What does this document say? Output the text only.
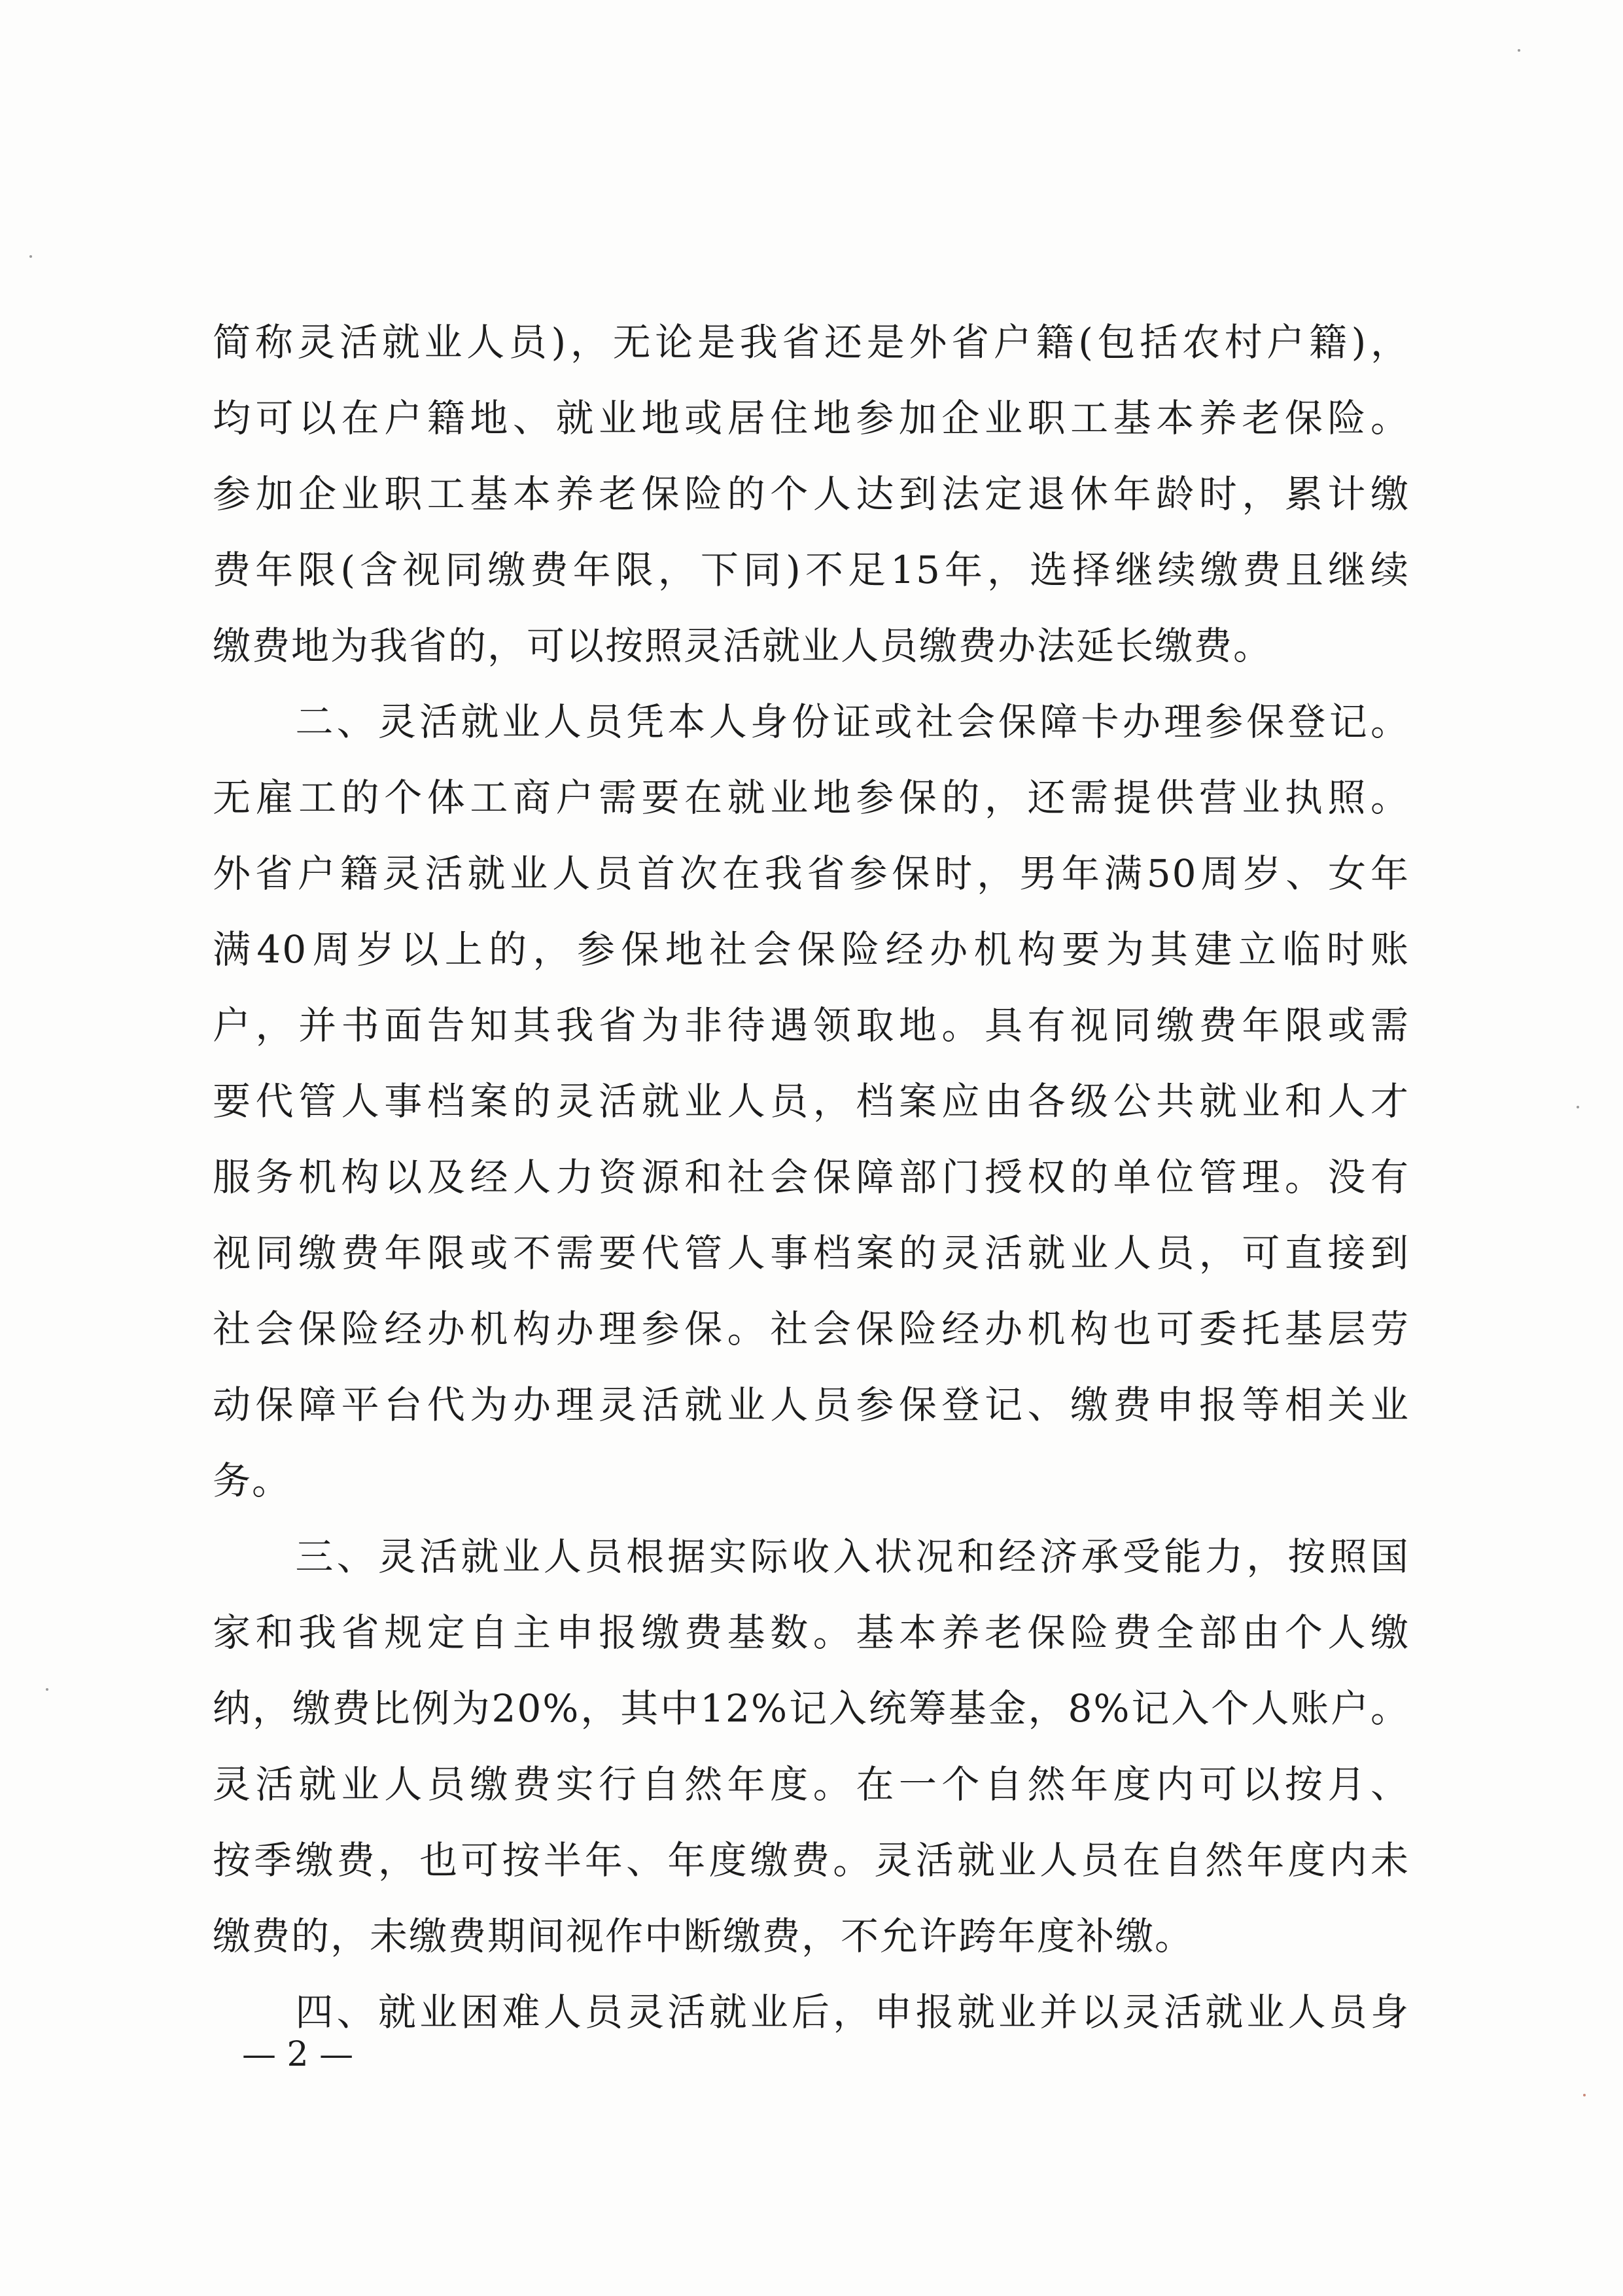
简称灵活就业人员)，无论是我省还是外省户籍(包括农村户籍)，
均可以在户籍地、就业地或居住地参加企业职工基本养老保险。
参加企业职工基本养老保险的个人达到法定退休年龄时，累计缴
费年限(含视同缴费年限，下同)不足15年，选择继续缴费且继续
缴费地为我省的，可以按照灵活就业人员缴费办法延长缴费。
　　二、灵活就业人员凭本人身份证或社会保障卡办理参保登记。
无雇工的个体工商户需要在就业地参保的，还需提供营业执照。
外省户籍灵活就业人员首次在我省参保时，男年满50周岁、女年
满40周岁以上的，参保地社会保险经办机构要为其建立临时账
户，并书面告知其我省为非待遇领取地。具有视同缴费年限或需
要代管人事档案的灵活就业人员，档案应由各级公共就业和人才
服务机构以及经人力资源和社会保障部门授权的单位管理。没有
视同缴费年限或不需要代管人事档案的灵活就业人员，可直接到
社会保险经办机构办理参保。社会保险经办机构也可委托基层劳
动保障平台代为办理灵活就业人员参保登记、缴费申报等相关业
务。
　　三、灵活就业人员根据实际收入状况和经济承受能力，按照国
家和我省规定自主申报缴费基数。基本养老保险费全部由个人缴
纳，缴费比例为20%，其中12%记入统筹基金，8%记入个人账户。
灵活就业人员缴费实行自然年度。在一个自然年度内可以按月、
按季缴费，也可按半年、年度缴费。灵活就业人员在自然年度内未
缴费的，未缴费期间视作中断缴费，不允许跨年度补缴。
　　四、就业困难人员灵活就业后，申报就业并以灵活就业人员身
— 2 —
